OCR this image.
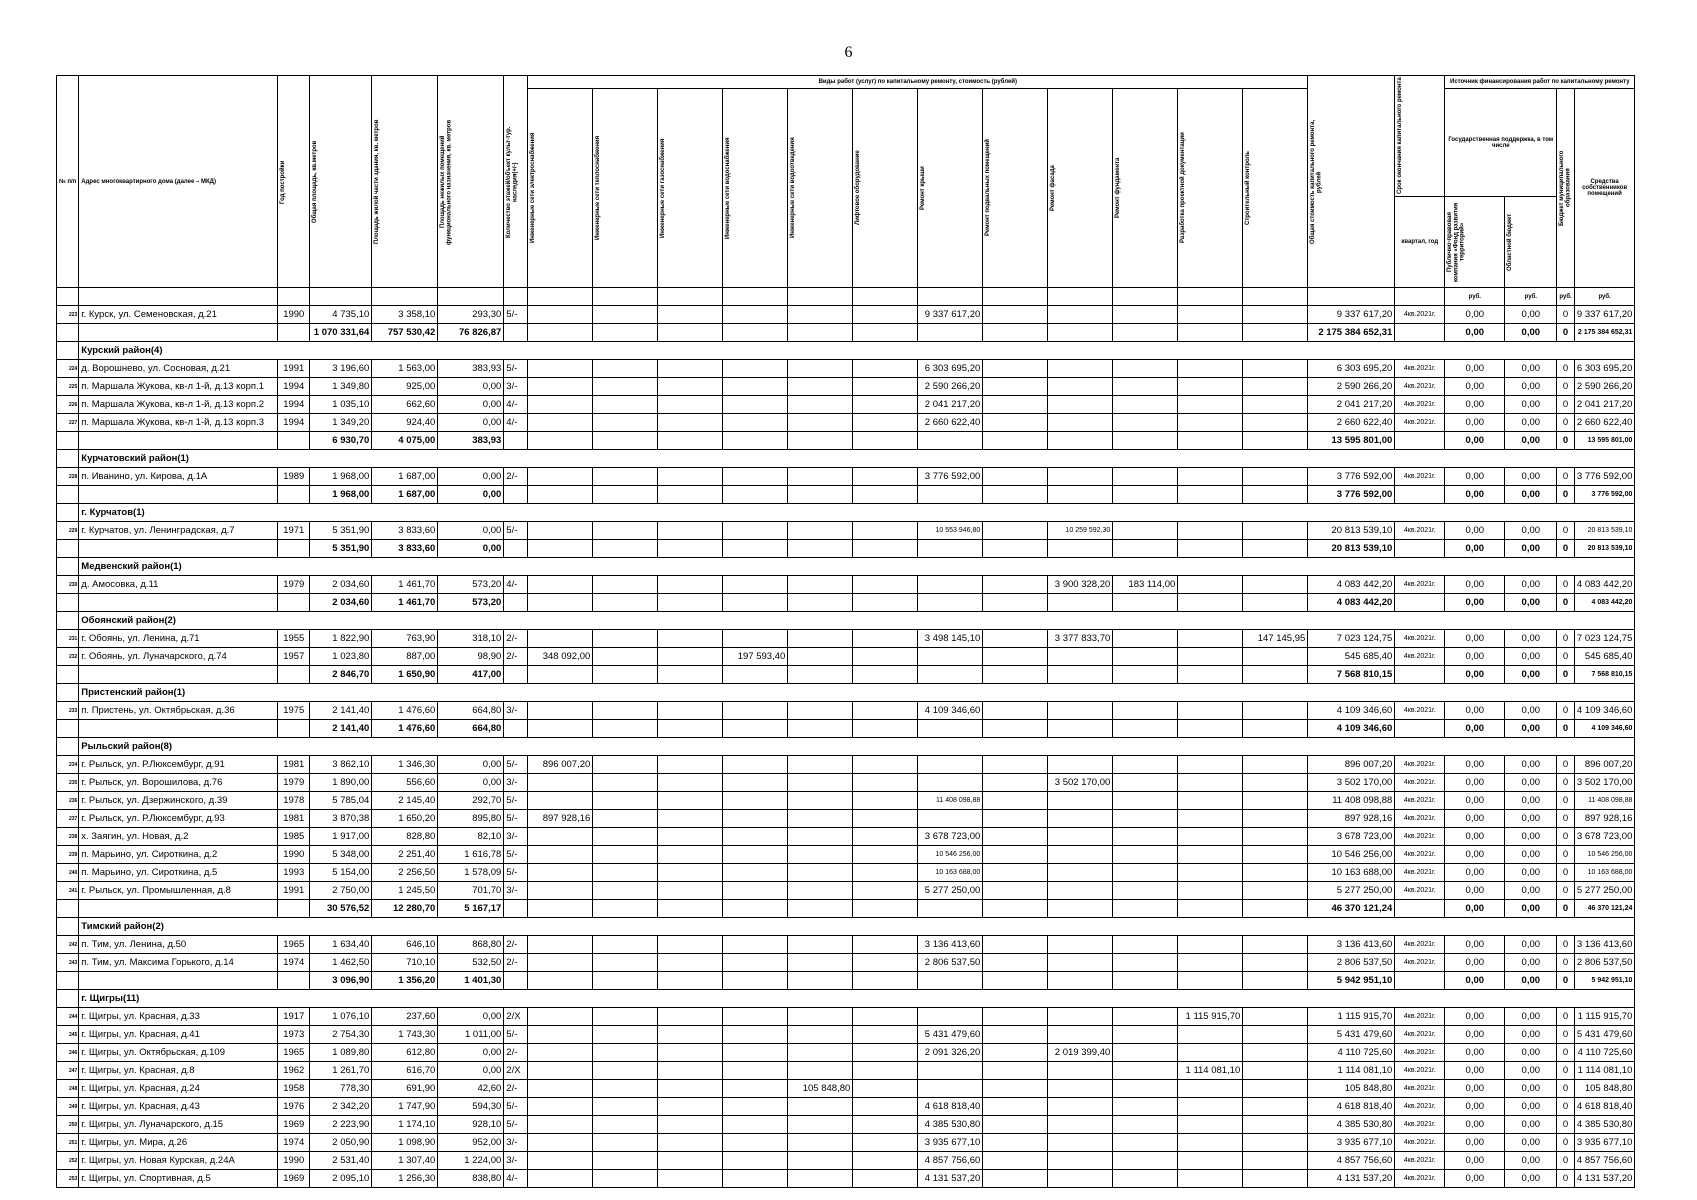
6
№ п/п	Адрес многоквартирного дома (далее – МКД)	Год постройки	Общая площадь, кв.метров	Площадь жилой части здания, кв. метров	Площадь нежилых помещений функционального назначения, кв. метров	Количество этажей/объект культ-тур. наследия(+/-)	Виды работ (услуг) по капитальному ремонту, стоимость (рублей)												Общая стоимость капитального ремонта, рублей	Срок окончания капитального ремонта	Источник финансирования работ по капитальному ремонту			

							Инженерные сети электроснабжения	Инженерные сети теплоснабжения	Инженерные сети газоснабжения	Инженерные сети водоснабжения	Инженерные сети водоотведения	Лифтовое оборудование	Ремонт крыши	Ремонт подвальных помещений	Ремонт фасада	Ремонт фундамента	Разработка проектной документации	Строительный контроль			Государственная поддержка, в том числе		Бюджет муниципального образования	Средства собственников помещений
																				квартал, год	Публично-правовая компания «Фонд развития территорий»	Областной бюджет		

																					руб.	руб.	руб.	руб.
223	г. Курск, ул. Семеновская, д.21	1990	4 735,10	3 358,10	293,30	5/-							9 337 617,20						9 337 617,20	4кв.2021г.	0,00	0,00	0	9 337 617,20
			1 070 331,64	757 530,42	76 826,87														2 175 384 652,31		0,00	0,00	0	2 175 384 652,31
	Курский район(4)																							
224	д. Ворошнево, ул. Сосновая, д.21	1991	3 196,60	1 563,00	383,93	5/-							6 303 695,20						6 303 695,20	4кв.2021г.	0,00	0,00	0	6 303 695,20
225	п. Маршала Жукова, кв-л 1-й, д.13 корп.1	1994	1 349,80	925,00	0,00	3/-							2 590 266,20						2 590 266,20	4кв.2021г.	0,00	0,00	0	2 590 266,20
226	п. Маршала Жукова, кв-л 1-й, д.13 корп.2	1994	1 035,10	662,60	0,00	4/-							2 041 217,20						2 041 217,20	4кв.2021г.	0,00	0,00	0	2 041 217,20
227	п. Маршала Жукова, кв-л 1-й, д.13 корп.3	1994	1 349,20	924,40	0,00	4/-							2 660 622,40						2 660 622,40	4кв.2021г.	0,00	0,00	0	2 660 622,40
			6 930,70	4 075,00	383,93														13 595 801,00		0,00	0,00	0	13 595 801,00
	Курчатовский район(1)																							
228	п. Иванино, ул. Кирова, д.1А	1989	1 968,00	1 687,00	0,00	2/-							3 776 592,00						3 776 592,00	4кв.2021г.	0,00	0,00	0	3 776 592,00
			1 968,00	1 687,00	0,00														3 776 592,00		0,00	0,00	0	3 776 592,00
	г. Курчатов(1)																							
229	г. Курчатов, ул. Ленинградская, д.7	1971	5 351,90	3 833,60	0,00	5/-							10 553 946,80		10 259 592,30				20 813 539,10	4кв.2021г.	0,00	0,00	0	20 813 539,10
			5 351,90	3 833,60	0,00														20 813 539,10		0,00	0,00	0	20 813 539,10
	Медвенский район(1)																							
230	д. Амосовка, д.11	1979	2 034,60	1 461,70	573,20	4/-									3 900 328,20	183 114,00			4 083 442,20	4кв.2021г.	0,00	0,00	0	4 083 442,20
			2 034,60	1 461,70	573,20														4 083 442,20		0,00	0,00	0	4 083 442,20
	Обоянский район(2)																							
231	г. Обоянь, ул. Ленина, д.71	1955	1 822,90	763,90	318,10	2/-							3 498 145,10		3 377 833,70			147 145,95	7 023 124,75	4кв.2021г.	0,00	0,00	0	7 023 124,75
232	г. Обоянь, ул. Луначарского, д.74	1957	1 023,80	887,00	98,90	2/-	348 092,00			197 593,40									545 685,40	4кв.2021г.	0,00	0,00	0	545 685,40
			2 846,70	1 650,90	417,00														7 568 810,15		0,00	0,00	0	7 568 810,15
	Пристенский район(1)																							
233	п. Пристень, ул. Октябрьская, д.36	1975	2 141,40	1 476,60	664,80	3/-							4 109 346,60						4 109 346,60	4кв.2021г.	0,00	0,00	0	4 109 346,60
			2 141,40	1 476,60	664,80														4 109 346,60		0,00	0,00	0	4 109 346,60
	Рыльский район(8)																							
234	г. Рыльск, ул. Р.Люксембург, д.91	1981	3 862,10	1 346,30	0,00	5/-	896 007,20												896 007,20	4кв.2021г.	0,00	0,00	0	896 007,20
235	г. Рыльск, ул. Ворошилова, д.76	1979	1 890,00	556,60	0,00	3/-									3 502 170,00				3 502 170,00	4кв.2021г.	0,00	0,00	0	3 502 170,00
236	г. Рыльск, ул. Дзержинского, д.39	1978	5 785,04	2 145,40	292,70	5/-							11 408 098,88						11 408 098,88	4кв.2021г.	0,00	0,00	0	11 408 098,88
237	г. Рыльск, ул. Р.Люксембург, д.93	1981	3 870,38	1 650,20	895,80	5/-	897 928,16												897 928,16	4кв.2021г.	0,00	0,00	0	897 928,16
238	х. Заягин, ул. Новая, д.2	1985	1 917,00	828,80	82,10	3/-							3 678 723,00						3 678 723,00	4кв.2021г.	0,00	0,00	0	3 678 723,00
239	п. Марьино, ул. Сироткина, д.2	1990	5 348,00	2 251,40	1 616,78	5/-							10 546 256,00						10 546 256,00	4кв.2021г.	0,00	0,00	0	10 546 256,00
240	п. Марьино, ул. Сироткина, д.5	1993	5 154,00	2 256,50	1 578,09	5/-							10 163 688,00						10 163 688,00	4кв.2021г.	0,00	0,00	0	10 163 688,00
241	г. Рыльск, ул. Промышленная, д.8	1991	2 750,00	1 245,50	701,70	3/-							5 277 250,00						5 277 250,00	4кв.2021г.	0,00	0,00	0	5 277 250,00
			30 576,52	12 280,70	5 167,17														46 370 121,24		0,00	0,00	0	46 370 121,24
	Тимский район(2)																							
242	п. Тим, ул. Ленина, д.50	1965	1 634,40	646,10	868,80	2/-							3 136 413,60						3 136 413,60	4кв.2021г.	0,00	0,00	0	3 136 413,60
243	п. Тим, ул. Максима Горького, д.14	1974	1 462,50	710,10	532,50	2/-							2 806 537,50						2 806 537,50	4кв.2021г.	0,00	0,00	0	2 806 537,50
			3 096,90	1 356,20	1 401,30														5 942 951,10		0,00	0,00	0	5 942 951,10
	г. Щигры(11)																							
244	г. Щигры, ул. Красная, д.33	1917	1 076,10	237,60	0,00	2/X											1 115 915,70		1 115 915,70	4кв.2021г.	0,00	0,00	0	1 115 915,70
245	г. Щигры, ул. Красная, д.41	1973	2 754,30	1 743,30	1 011,00	5/-							5 431 479,60						5 431 479,60	4кв.2021г.	0,00	0,00	0	5 431 479,60
246	г. Щигры, ул. Октябрьская, д.109	1965	1 089,80	612,80	0,00	2/-							2 091 326,20		2 019 399,40				4 110 725,60	4кв.2021г.	0,00	0,00	0	4 110 725,60
247	г. Щигры, ул. Красная, д.8	1962	1 261,70	616,70	0,00	2/X											1 114 081,10		1 114 081,10	4кв.2021г.	0,00	0,00	0	1 114 081,10
248	г. Щигры, ул. Красная, д.24	1958	778,30	691,90	42,60	2/-					105 848,80								105 848,80	4кв.2021г.	0,00	0,00	0	105 848,80
249	г. Щигры, ул. Красная, д.43	1976	2 342,20	1 747,90	594,30	5/-							4 618 818,40						4 618 818,40	4кв.2021г.	0,00	0,00	0	4 618 818,40
250	г. Щигры, ул. Луначарского, д.15	1969	2 223,90	1 174,10	928,10	5/-							4 385 530,80						4 385 530,80	4кв.2021г.	0,00	0,00	0	4 385 530,80
251	г. Щигры, ул. Мира, д.26	1974	2 050,90	1 098,90	952,00	3/-							3 935 677,10						3 935 677,10	4кв.2021г.	0,00	0,00	0	3 935 677,10
252	г. Щигры, ул. Новая Курская, д.24А	1990	2 531,40	1 307,40	1 224,00	3/-							4 857 756,60						4 857 756,60	4кв.2021г.	0,00	0,00	0	4 857 756,60
253	г. Щигры, ул. Спортивная, д.5	1969	2 095,10	1 256,30	838,80	4/-							4 131 537,20						4 131 537,20	4кв.2021г.	0,00	0,00	0	4 131 537,20
